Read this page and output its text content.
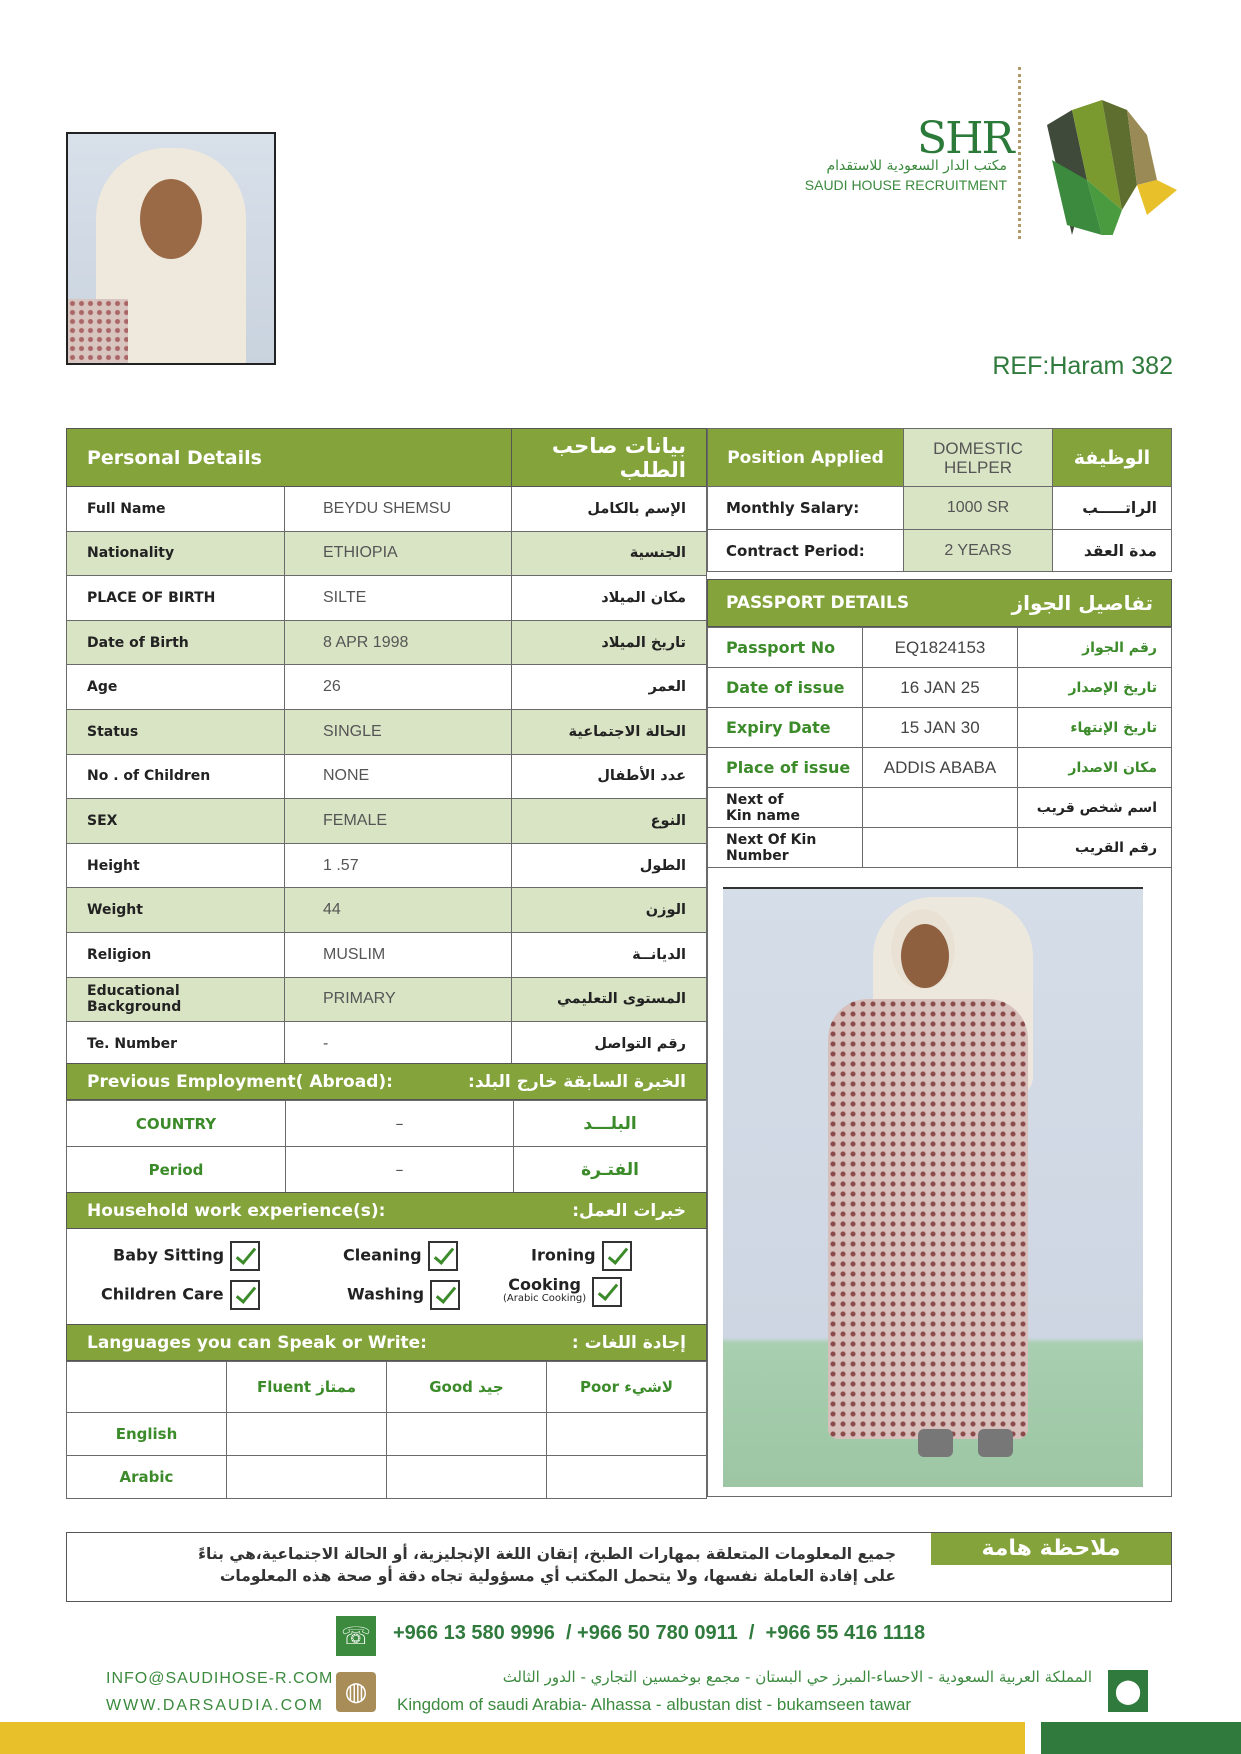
SHR
مكتب الدار السعودية للاستقدام
SAUDI HOUSE RECRUITMENT
REF:Haram 382
Personal Details		بيانات صاحب الطلب
Full Name	BEYDU SHEMSU	الإسم بالكامل
Nationality	ETHIOPIA	الجنسية
PLACE OF BIRTH	SILTE	مكان الميلاد
Date of Birth	8 APR 1998	تاريخ الميلاد
Age	26	العمر
Status	SINGLE	الحالة الاجتماعية
No . of Children	NONE	عدد الأطفال
SEX	FEMALE	النوع
Height	1 .57	الطول
Weight	44	الوزن
Religion	MUSLIM	الديانــة
Educational Background	PRIMARY	المستوى التعليمي
Te. Number	-	رقم التواصل
Previous Employment( Abroad):	الخبرة السابقة خارج البلد:
COUNTRY	–	البلـــد
Period	–	الفتـرة
Household work experience(s):	خبرات العمل:
Baby Sitting	Cleaning	Ironing
Children Care	Washing	Cooking
(Arabic Cooking)
Languages you can Speak or Write:	إجادة اللغات :
	Fluent ممتاز	Good جيد	Poor لاشيء
English			
Arabic			
Position Applied	DOMESTIC HELPER	الوظيفة
Monthly Salary:	1000 SR	الراتـــــب
Contract Period:	2 YEARS	مدة العقد
PASSPORT DETAILS	تفاصيل الجواز
Passport No	EQ1824153	رقم الجواز
Date of issue	16 JAN 25	تاريخ الإصدار
Expiry Date	15 JAN 30	تاريخ الإنتهاء
Place of issue	ADDIS ABABA	مكان الاصدار
Next of
Kin name		اسم شخص قريب
Next Of Kin
Number		رقم القريب
ملاحظة هامة
جميع المعلومات المتعلقة بمهارات الطبخ، إتقان اللغة الإنجليزية، أو الحالة الاجتماعية،هي بناءً
على إفادة العاملة نفسها، ولا يتحمل المكتب أي مسؤولية تجاه دقة أو صحة هذه المعلومات
☏ +966 13 580 9996  / +966 50 780 0911  /  +966 55 416 1118
INFO@SAUDIHOSE-R.COM
WWW.DARSAUDIA.COM ◍	المملكة العربية السعودية - الاحساء-المبرز حي البستان - مجمع بوخمسين التجاري - الدور الثالث
Kingdom of saudi Arabia- Alhassa - albustan dist - bukamseen tawar	⬤
